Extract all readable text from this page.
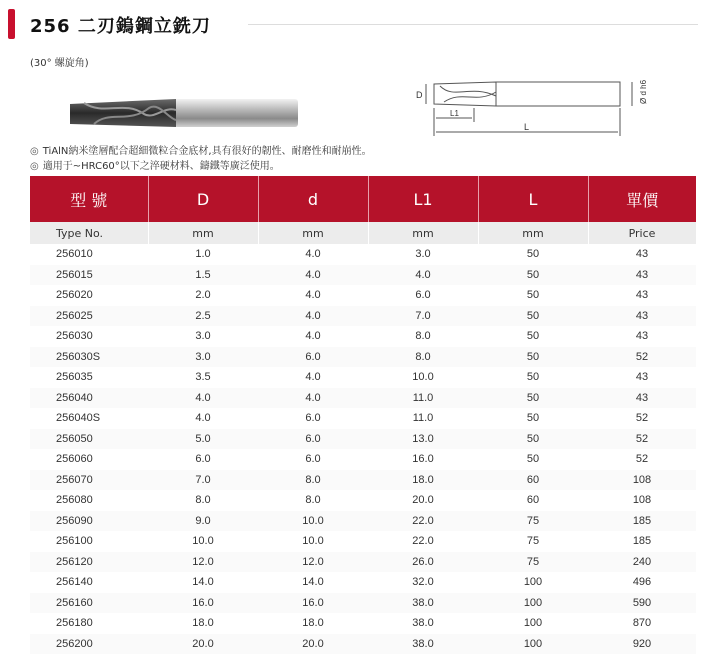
256 二刃鎢鋼立銑刀
(30° 螺旋角)
D
L1
L
Ø d h6
◎ TiAlN納米塗層配合超細微粒合金底材,具有很好的韌性、耐磨性和耐崩性。
◎ 適用于~HRC60°以下之淬硬材料、鑄鐵等廣泛使用。
型 號	D	d	L1	L	單價
Type No.	mm	mm	mm	mm	Price
256010	1.0	4.0	3.0	50	43
256015	1.5	4.0	4.0	50	43
256020	2.0	4.0	6.0	50	43
256025	2.5	4.0	7.0	50	43
256030	3.0	4.0	8.0	50	43
256030S	3.0	6.0	8.0	50	52
256035	3.5	4.0	10.0	50	43
256040	4.0	4.0	11.0	50	43
256040S	4.0	6.0	11.0	50	52
256050	5.0	6.0	13.0	50	52
256060	6.0	6.0	16.0	50	52
256070	7.0	8.0	18.0	60	108
256080	8.0	8.0	20.0	60	108
256090	9.0	10.0	22.0	75	185
256100	10.0	10.0	22.0	75	185
256120	12.0	12.0	26.0	75	240
256140	14.0	14.0	32.0	100	496
256160	16.0	16.0	38.0	100	590
256180	18.0	18.0	38.0	100	870
256200	20.0	20.0	38.0	100	920
